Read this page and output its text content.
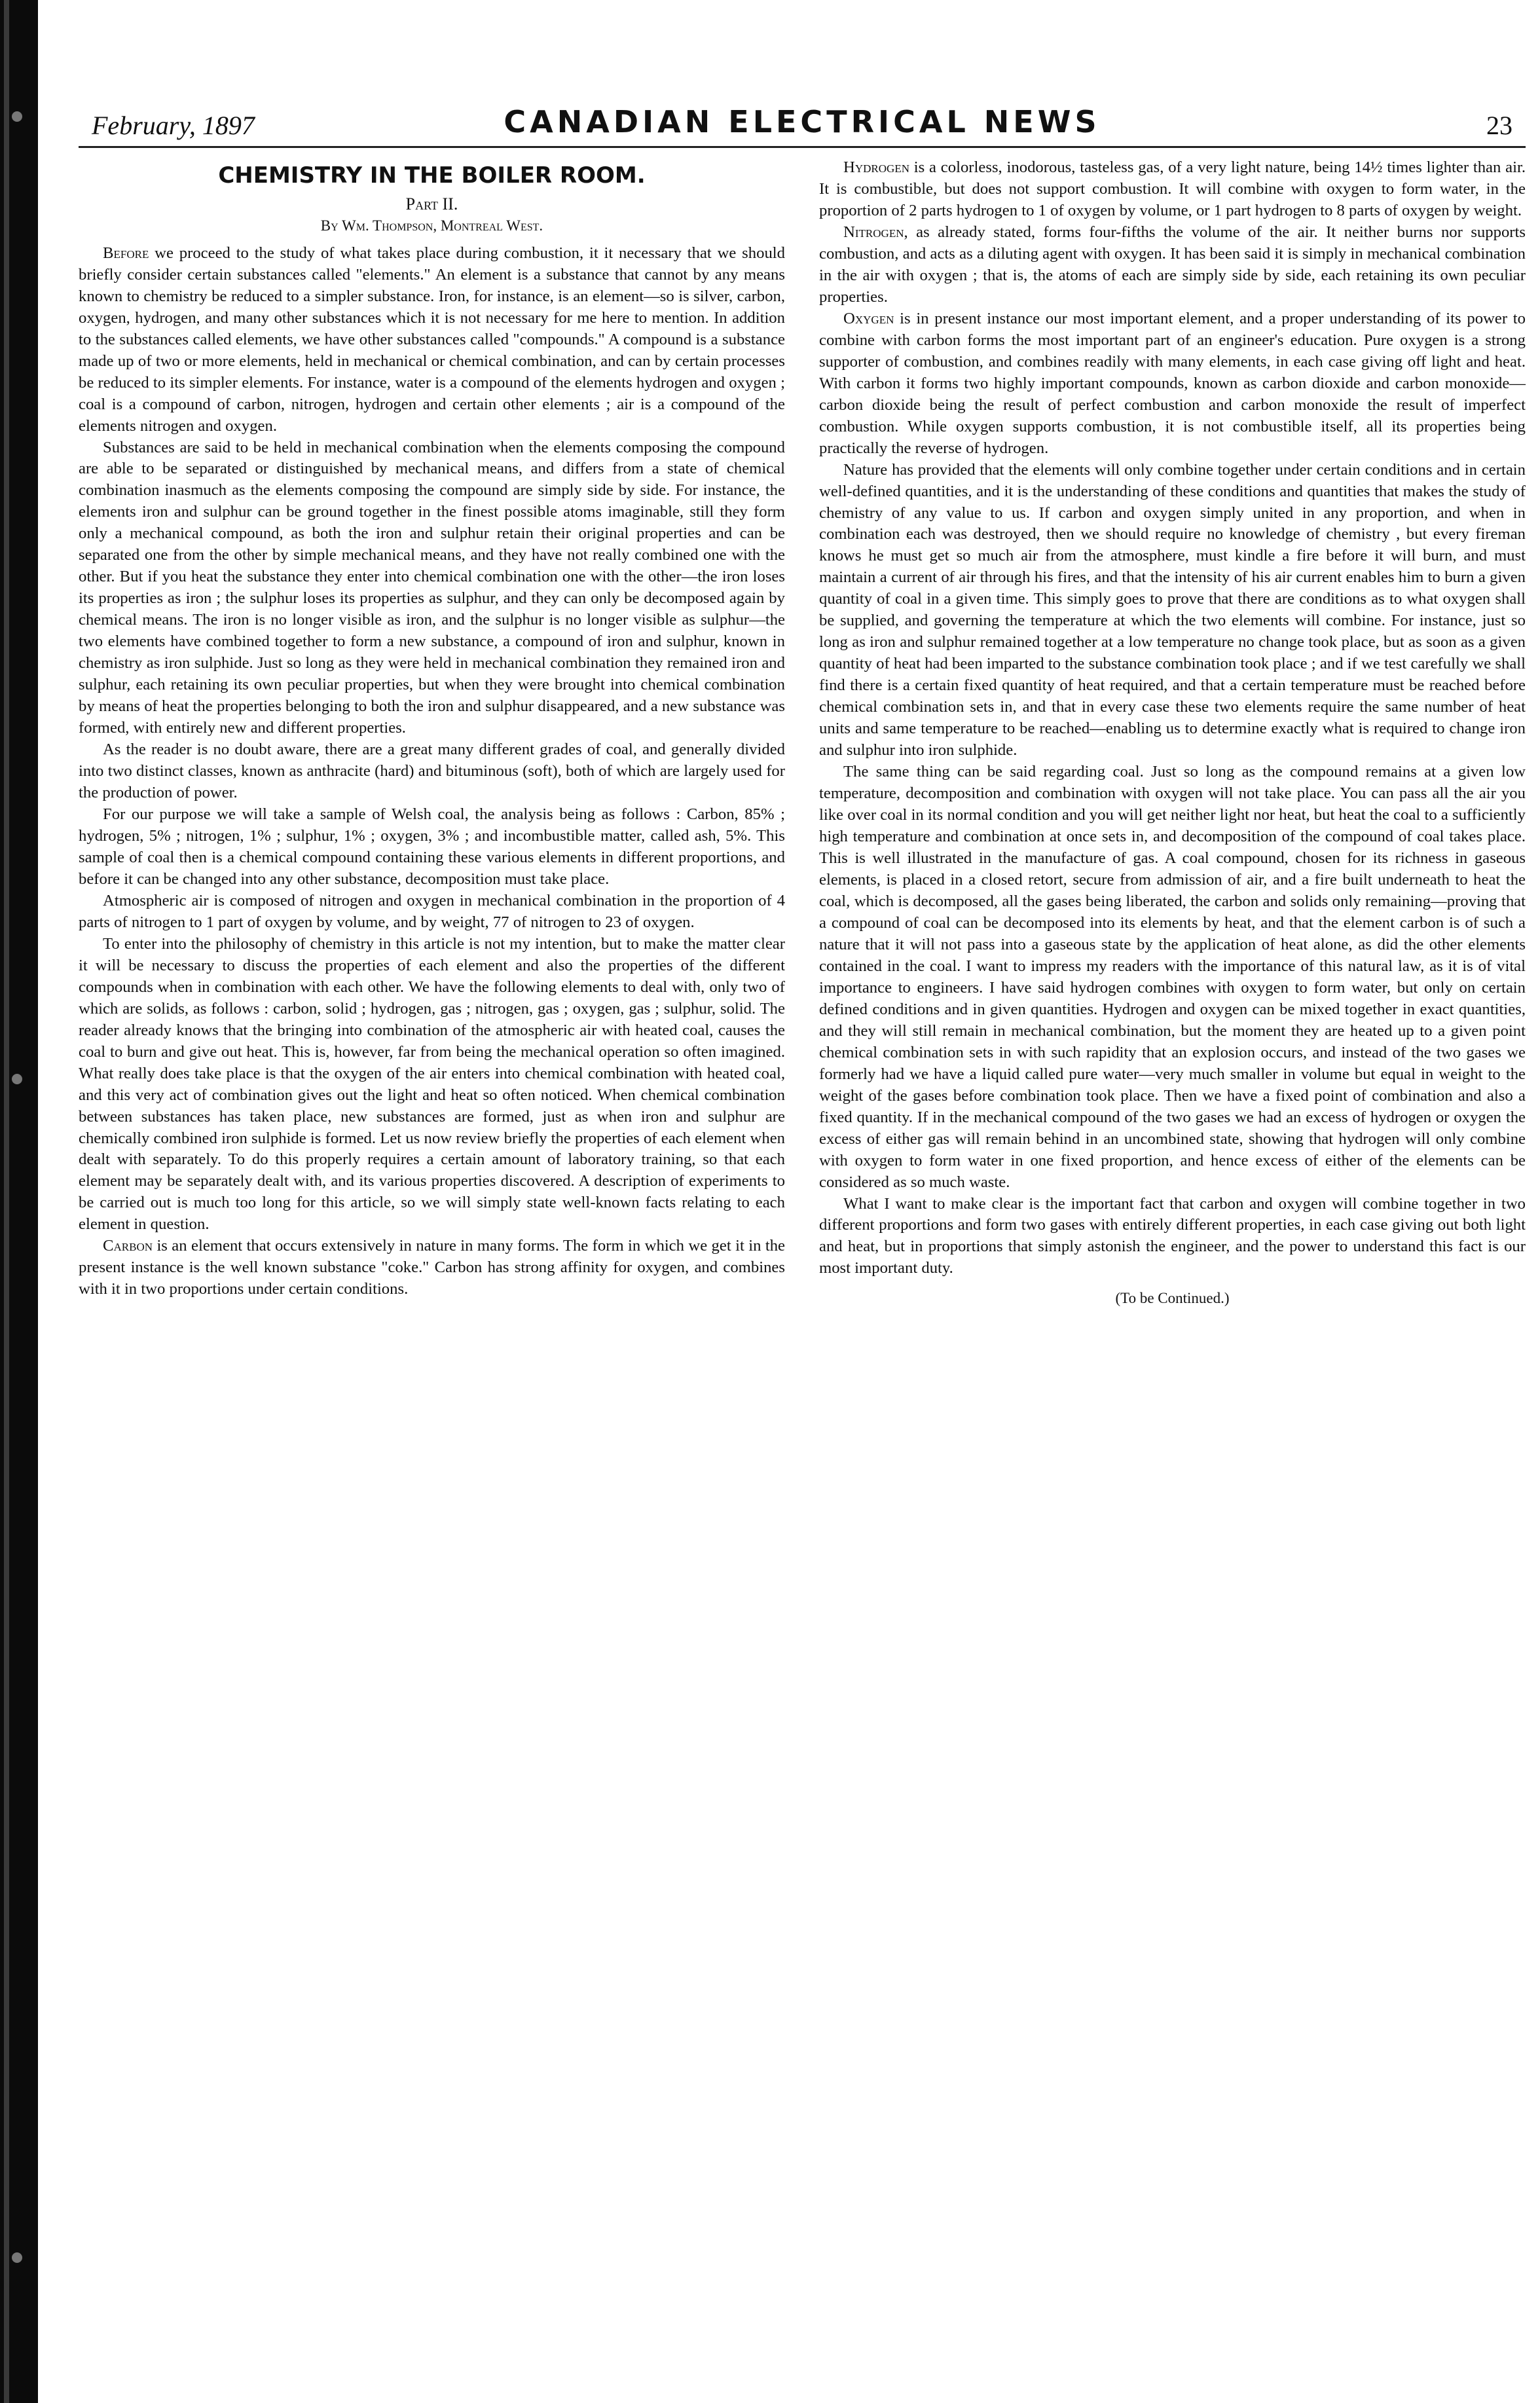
February, 1897	CANADIAN ELECTRICAL NEWS	23
CHEMISTRY IN THE BOILER ROOM.
Part II.
By Wm. Thompson, Montreal West.

Before we proceed to the study of what takes place during combustion, it it necessary that we should briefly consider certain substances called "elements." An element is a substance that cannot by any means known to chemistry be reduced to a simpler substance. Iron, for instance, is an element—so is silver, carbon, oxygen, hydrogen, and many other substances which it is not necessary for me here to mention. In addition to the substances called elements, we have other substances called "compounds." A compound is a substance made up of two or more elements, held in mechanical or chemical combination, and can by certain processes be reduced to its simpler elements. For instance, water is a compound of the elements hydrogen and oxygen ; coal is a compound of carbon, nitrogen, hydrogen and certain other elements ; air is a compound of the elements nitrogen and oxygen.

Substances are said to be held in mechanical combination when the elements composing the compound are able to be separated or distinguished by mechanical means, and differs from a state of chemical combination inasmuch as the elements composing the compound are simply side by side. For instance, the elements iron and sulphur can be ground together in the finest possible atoms imaginable, still they form only a mechanical compound, as both the iron and sulphur retain their original properties and can be separated one from the other by simple mechanical means, and they have not really combined one with the other. But if you heat the substance they enter into chemical combination one with the other—the iron loses its properties as iron ; the sulphur loses its properties as sulphur, and they can only be decomposed again by chemical means. The iron is no longer visible as iron, and the sulphur is no longer visible as sulphur—the two elements have combined together to form a new substance, a compound of iron and sulphur, known in chemistry as iron sulphide. Just so long as they were held in mechanical combination they remained iron and sulphur, each retaining its own peculiar properties, but when they were brought into chemical combination by means of heat the properties belonging to both the iron and sulphur disappeared, and a new substance was formed, with entirely new and different properties.

As the reader is no doubt aware, there are a great many different grades of coal, and generally divided into two distinct classes, known as anthracite (hard) and bituminous (soft), both of which are largely used for the production of power.

For our purpose we will take a sample of Welsh coal, the analysis being as follows : Carbon, 85% ; hydrogen, 5% ; nitrogen, 1% ; sulphur, 1% ; oxygen, 3% ; and incombustible matter, called ash, 5%. This sample of coal then is a chemical compound containing these various elements in different proportions, and before it can be changed into any other substance, decomposition must take place.

Atmospheric air is composed of nitrogen and oxygen in mechanical combination in the proportion of 4 parts of nitrogen to 1 part of oxygen by volume, and by weight, 77 of nitrogen to 23 of oxygen.

To enter into the philosophy of chemistry in this article is not my intention, but to make the matter clear it will be necessary to discuss the properties of each element and also the properties of the different compounds when in combination with each other. We have the following elements to deal with, only two of which are solids, as follows : carbon, solid ; hydrogen, gas ; nitrogen, gas ; oxygen, gas ; sulphur, solid. The reader already knows that the bringing into combination of the atmospheric air with heated coal, causes the coal to burn and give out heat. This is, however, far from being the mechanical operation so often imagined. What really does take place is that the oxygen of the air enters into chemical combination with heated coal, and this very act of combination gives out the light and heat so often noticed. When chemical combination between substances has taken place, new substances are formed, just as when iron and sulphur are chemically combined iron sulphide is formed. Let us now review briefly the properties of each element when dealt with separately. To do this properly requires a certain amount of laboratory training, so that each element may be separately dealt with, and its various properties discovered. A description of experiments to be carried out is much too long for this article, so we will simply state well-known facts relating to each element in question.

Carbon is an element that occurs extensively in nature in many forms. The form in which we get it in the present instance is the well known substance "coke." Carbon has strong affinity for oxygen, and combines with it in two proportions under certain conditions.

Hydrogen is a colorless, inodorous, tasteless gas, of a very light nature, being 14½ times lighter than air. It is combustible, but does not support combustion. It will combine with oxygen to form water, in the proportion of 2 parts hydrogen to 1 of oxygen by volume, or 1 part hydrogen to 8 parts of oxygen by weight.

Nitrogen, as already stated, forms four-fifths the volume of the air. It neither burns nor supports combustion, and acts as a diluting agent with oxygen. It has been said it is simply in mechanical combination in the air with oxygen ; that is, the atoms of each are simply side by side, each retaining its own peculiar properties.

Oxygen is in present instance our most important element, and a proper understanding of its power to combine with carbon forms the most important part of an engineer's education. Pure oxygen is a strong supporter of combustion, and combines readily with many elements, in each case giving off light and heat. With carbon it forms two highly important compounds, known as carbon dioxide and carbon monoxide—carbon dioxide being the result of perfect combustion and carbon monoxide the result of imperfect combustion. While oxygen supports combustion, it is not combustible itself, all its properties being practically the reverse of hydrogen.

Nature has provided that the elements will only combine together under certain conditions and in certain well-defined quantities, and it is the understanding of these conditions and quantities that makes the study of chemistry of any value to us. If carbon and oxygen simply united in any proportion, and when in combination each was destroyed, then we should require no knowledge of chemistry , but every fireman knows he must get so much air from the atmosphere, must kindle a fire before it will burn, and must maintain a current of air through his fires, and that the intensity of his air current enables him to burn a given quantity of coal in a given time. This simply goes to prove that there are conditions as to what oxygen shall be supplied, and governing the temperature at which the two elements will combine. For instance, just so long as iron and sulphur remained together at a low temperature no change took place, but as soon as a given quantity of heat had been imparted to the substance combination took place ; and if we test carefully we shall find there is a certain fixed quantity of heat required, and that a certain temperature must be reached before chemical combination sets in, and that in every case these two elements require the same number of heat units and same temperature to be reached—enabling us to determine exactly what is required to change iron and sulphur into iron sulphide.

The same thing can be said regarding coal. Just so long as the compound remains at a given low temperature, decomposition and combination with oxygen will not take place. You can pass all the air you like over coal in its normal condition and you will get neither light nor heat, but heat the coal to a sufficiently high temperature and combination at once sets in, and decomposition of the compound of coal takes place. This is well illustrated in the manufacture of gas. A coal compound, chosen for its richness in gaseous elements, is placed in a closed retort, secure from admission of air, and a fire built underneath to heat the coal, which is decomposed, all the gases being liberated, the carbon and solids only remaining—proving that a compound of coal can be decomposed into its elements by heat, and that the element carbon is of such a nature that it will not pass into a gaseous state by the application of heat alone, as did the other elements contained in the coal. I want to impress my readers with the importance of this natural law, as it is of vital importance to engineers. I have said hydrogen combines with oxygen to form water, but only on certain defined conditions and in given quantities. Hydrogen and oxygen can be mixed together in exact quantities, and they will still remain in mechanical combination, but the moment they are heated up to a given point chemical combination sets in with such rapidity that an explosion occurs, and instead of the two gases we formerly had we have a liquid called pure water—very much smaller in volume but equal in weight to the weight of the gases before combination took place. Then we have a fixed point of combination and also a fixed quantity. If in the mechanical compound of the two gases we had an excess of hydrogen or oxygen the excess of either gas will remain behind in an uncombined state, showing that hydrogen will only combine with oxygen to form water in one fixed proportion, and hence excess of either of the elements can be considered as so much waste.

What I want to make clear is the important fact that carbon and oxygen will combine together in two different proportions and form two gases with entirely different properties, in each case giving out both light and heat, but in proportions that simply astonish the engineer, and the power to understand this fact is our most important duty.

(To be Continued.)
